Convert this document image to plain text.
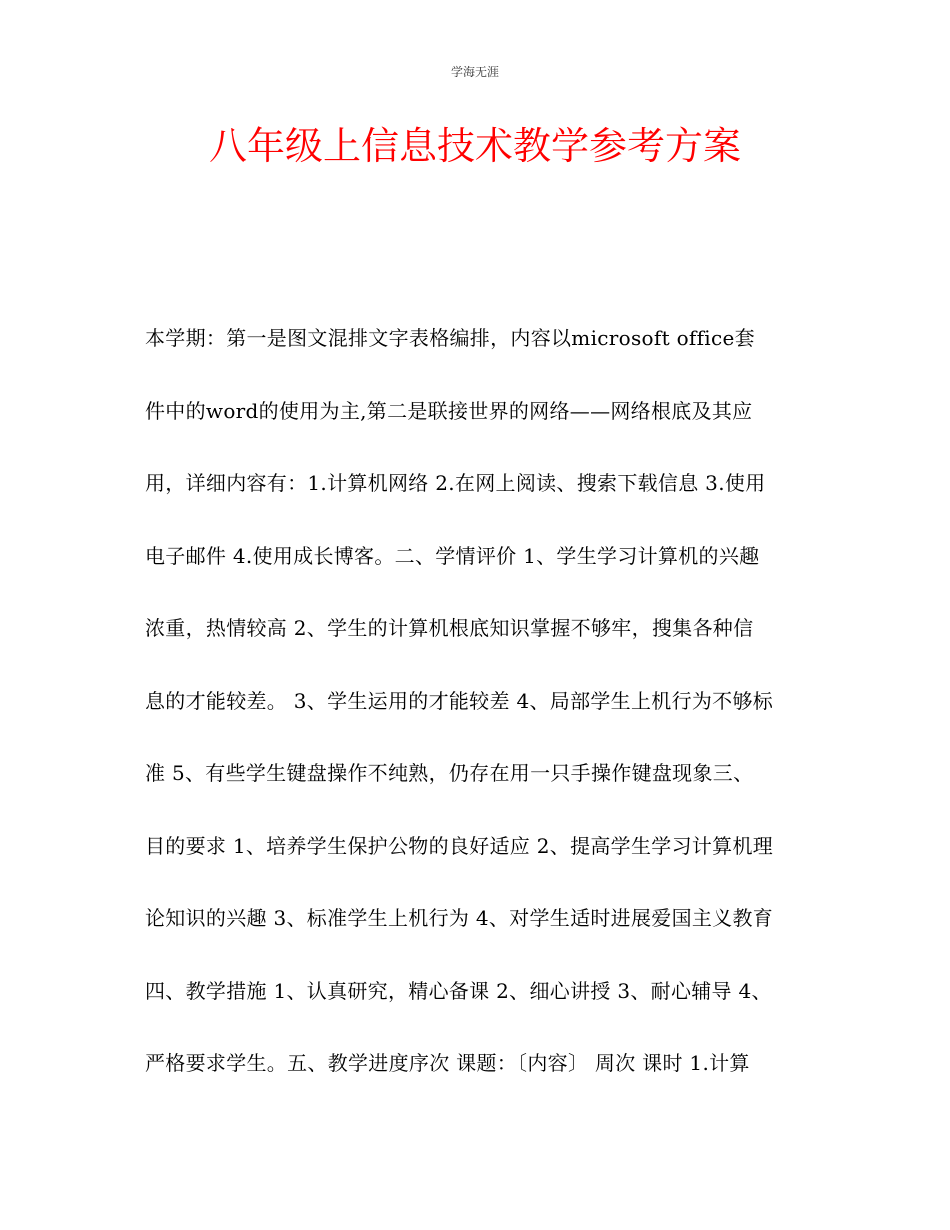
学海无涯
八年级上信息技术教学参考方案
本学期：第一是图文混排文字表格编排，内容以microsoft office套
件中的word的使用为主,第二是联接世界的网络——网络根底及其应
用，详细内容有：1.计算机网络 2.在网上阅读、搜索下载信息 3.使用
电子邮件 4.使用成长博客。二、学情评价 1、学生学习计算机的兴趣
浓重，热情较高 2、学生的计算机根底知识掌握不够牢，搜集各种信
息的才能较差。 3、学生运用的才能较差 4、局部学生上机行为不够标
准 5、有些学生键盘操作不纯熟，仍存在用一只手操作键盘现象三、
目的要求 1、培养学生保护公物的良好适应 2、提高学生学习计算机理
论知识的兴趣 3、标准学生上机行为 4、对学生适时进展爱国主义教育
四、教学措施 1、认真研究，精心备课 2、细心讲授 3、耐心辅导 4、
严格要求学生。五、教学进度序次 课题：〔内容〕 周次 课时 1.计算
